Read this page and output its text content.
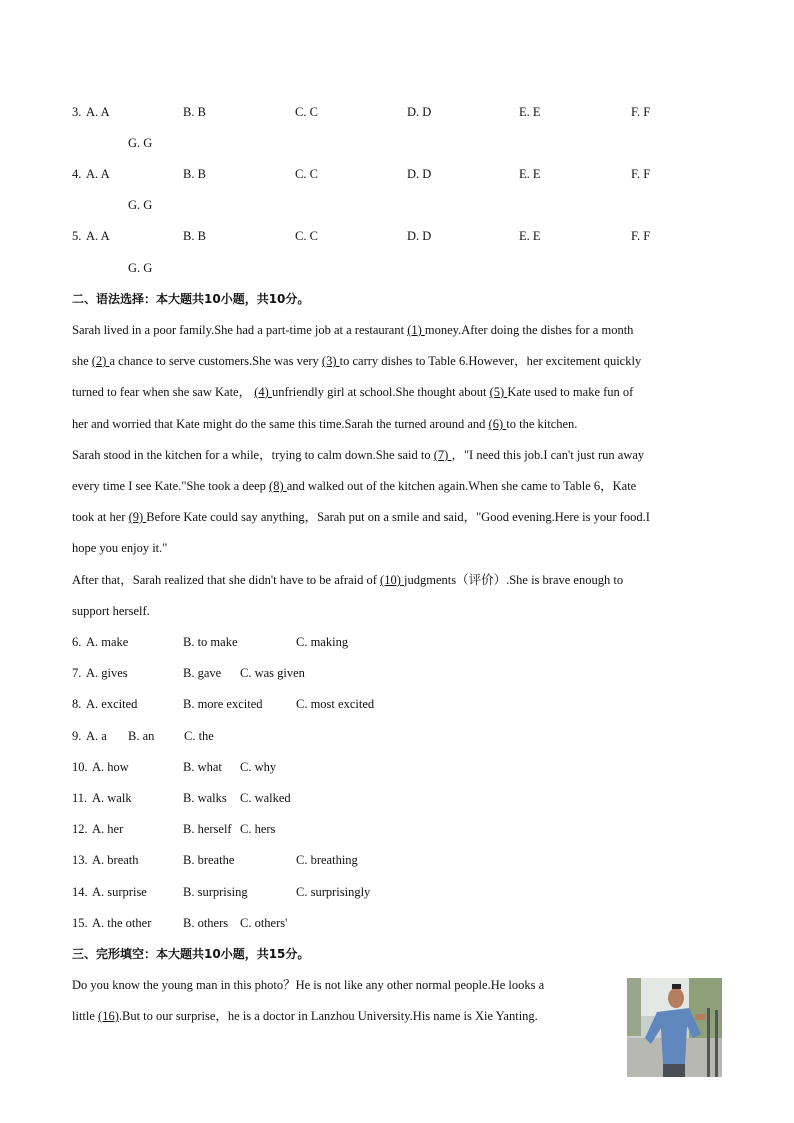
3. A. A	B. B	C. C	D. D	E. E	F. F
G. G
4. A. A	B. B	C. C	D. D	E. E	F. F
G. G
5. A. A	B. B	C. C	D. D	E. E	F. F
G. G
二、语法选择：本大题共10小题，共10分。
Sarah lived in a poor family.She had a part-time job at a restaurant (1) money.After doing the dishes for a month
she (2) a chance to serve customers.She was very (3) to carry dishes to Table 6.However，her excitement quickly
turned to fear when she saw Kate， (4) unfriendly girl at school.She thought about (5) Kate used to make fun of
her and worried that Kate might do the same this time.Sarah the turned around and (6) to the kitchen.
Sarah stood in the kitchen for a while，trying to calm down.She said to (7) ，"I need this job.I can't just run away
every time I see Kate."She took a deep (8) and walked out of the kitchen again.When she came to Table 6，Kate
took at her (9) Before Kate could say anything，Sarah put on a smile and said，"Good evening.Here is your food.I
hope you enjoy it."
After that，Sarah realized that she didn't have to be afraid of (10) judgments（评价）.She is brave enough to
support herself.
6. A. make	B. to make	C. making
7. A. gives	B. gave C. was given
8. A. excited	B. more excited	C. most excited
9. A. a B. an C. the
10. A. how	B. what C. why
11. A. walk	B. walks C. walked
12. A. her	B. herself C. hers
13. A. breath	B. breathe	C. breathing
14. A. surprise	B. surprising	C. surprisingly
15. A. the other	B. others C. others'
三、完形填空：本大题共10小题，共15分。
Do you know the young man in this photo？He is not like any other normal people.He looks a
little (16).But to our surprise，he is a doctor in Lanzhou University.His name is Xie Yanting.
